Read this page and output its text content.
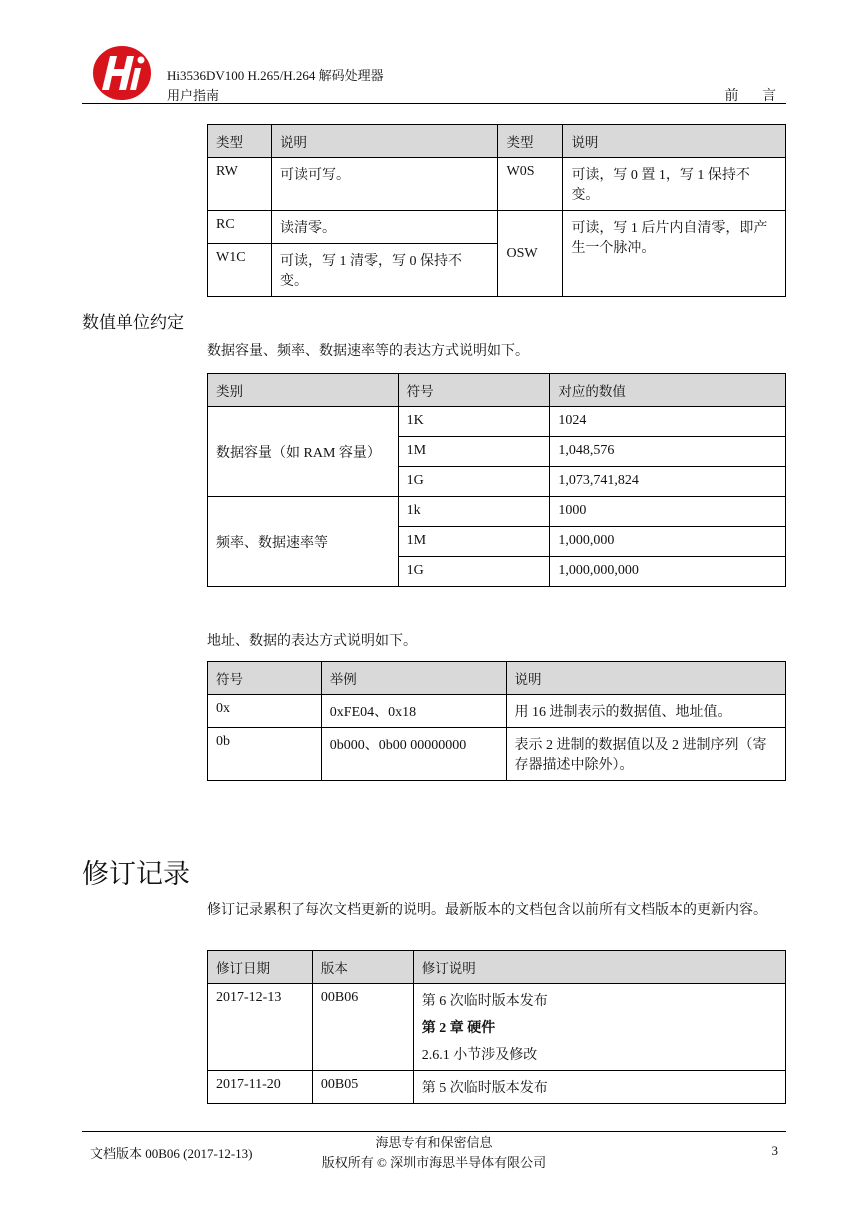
Hi3536DV100 H.265/H.264 解码处理器
用户指南	前 言
类型	说明	类型	说明
RW	可读可写。	W0S	可读，写 0 置 1，写 1 保持不变。
RC	读清零。	OSW	可读，写 1 后片内自清零，即产生一个脉冲。
W1C	可读，写 1 清零，写 0 保持不变。		
数值单位约定
数据容量、频率、数据速率等的表达方式说明如下。
类别	符号	对应的数值
数据容量（如 RAM 容量）	1K	1024
	1M	1,048,576
	1G	1,073,741,824
频率、数据速率等	1k	1000
	1M	1,000,000
	1G	1,000,000,000
地址、数据的表达方式说明如下。
符号	举例	说明
0x	0xFE04、0x18	用 16 进制表示的数据值、地址值。
0b	0b000、0b00 00000000	表示 2 进制的数据值以及 2 进制序列（寄存器描述中除外）。
修订记录
修订记录累积了每次文档更新的说明。最新版本的文档包含以前所有文档版本的更新内容。
修订日期	版本	修订说明
2017-12-13	00B06	第 6 次临时版本发布
第 2 章 硬件
2.6.1 小节涉及修改

2017-11-20	00B05	第 5 次临时版本发布
文档版本 00B06 (2017-12-13)
海思专有和保密信息
版权所有 © 深圳市海思半导体有限公司
3
